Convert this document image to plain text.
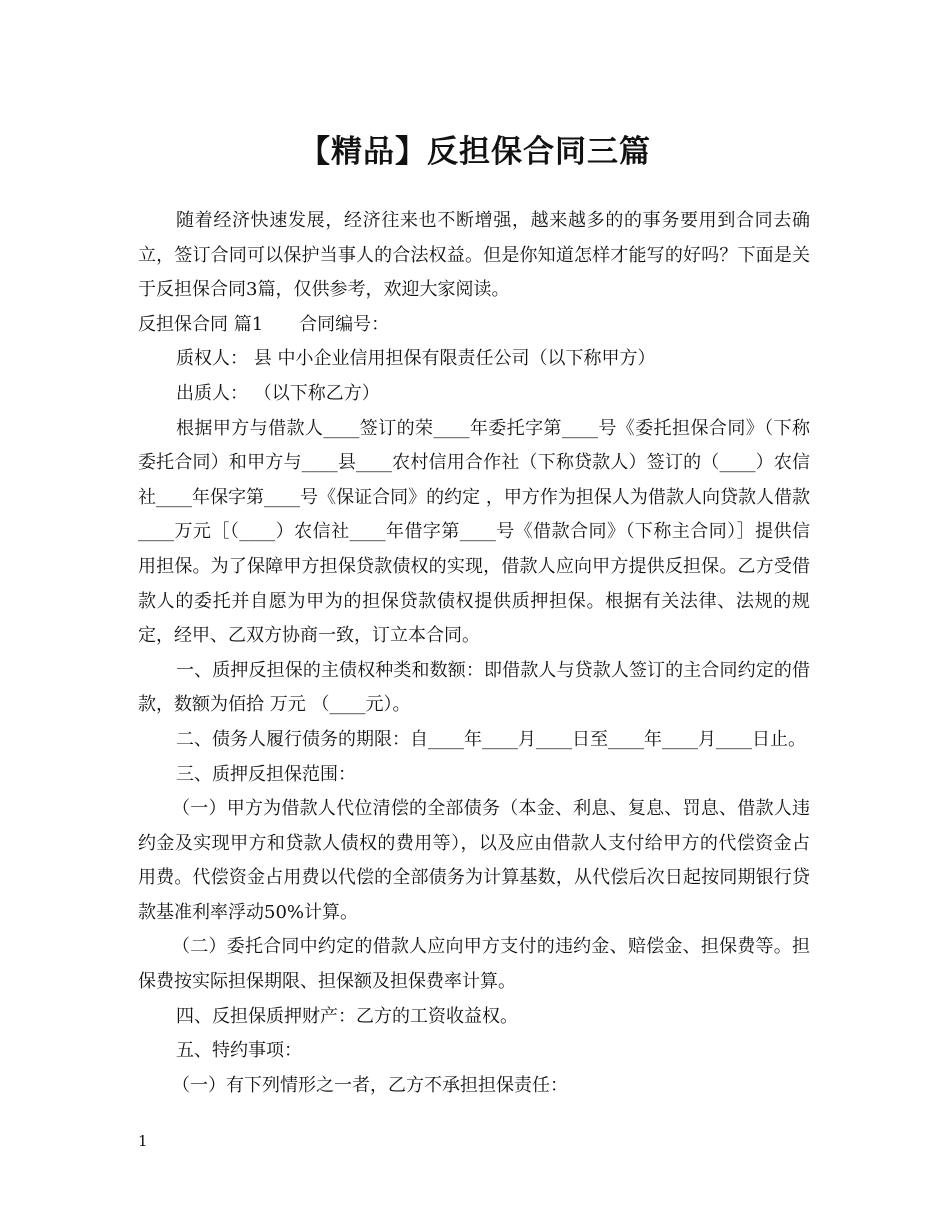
【精品】反担保合同三篇

随着经济快速发展，经济往来也不断增强，越来越多的的事务要用到合同去确立，签订合同可以保护当事人的合法权益。但是你知道怎样才能写的好吗？下面是关于反担保合同3篇，仅供参考，欢迎大家阅读。

反担保合同 篇1　　合同编号：

质权人： 县 中小企业信用担保有限责任公司（以下称甲方）

出质人： （以下称乙方）

根据甲方与借款人____签订的荣____年委托字第____号《委托担保合同》（下称委托合同）和甲方与____县____农村信用合作社（下称贷款人）签订的（____）农信社____年保字第____号《保证合同》的约定 ，甲方作为担保人为借款人向贷款人借款____万元［（____）农信社____年借字第____号《借款合同》（下称主合同）］提供信用担保。为了保障甲方担保贷款债权的实现，借款人应向甲方提供反担保。乙方受借款人的委托并自愿为甲为的担保贷款债权提供质押担保。根据有关法律、法规的规定，经甲、乙双方协商一致，订立本合同。

一、质押反担保的主债权种类和数额：即借款人与贷款人签订的主合同约定的借款，数额为佰拾 万元 （____元）。

二、债务人履行债务的期限：自____年____月____日至____年____月____日止。

三、质押反担保范围：

（一）甲方为借款人代位清偿的全部债务（本金、利息、复息、罚息、借款人违约金及实现甲方和贷款人债权的费用等），以及应由借款人支付给甲方的代偿资金占用费。代偿资金占用费以代偿的全部债务为计算基数，从代偿后次日起按同期银行贷款基准利率浮动50%计算。

（二）委托合同中约定的借款人应向甲方支付的违约金、赔偿金、担保费等。担保费按实际担保期限、担保额及担保费率计算。

四、反担保质押财产：乙方的工资收益权。

五、特约事项：

（一）有下列情形之一者，乙方不承担担保责任：

1
